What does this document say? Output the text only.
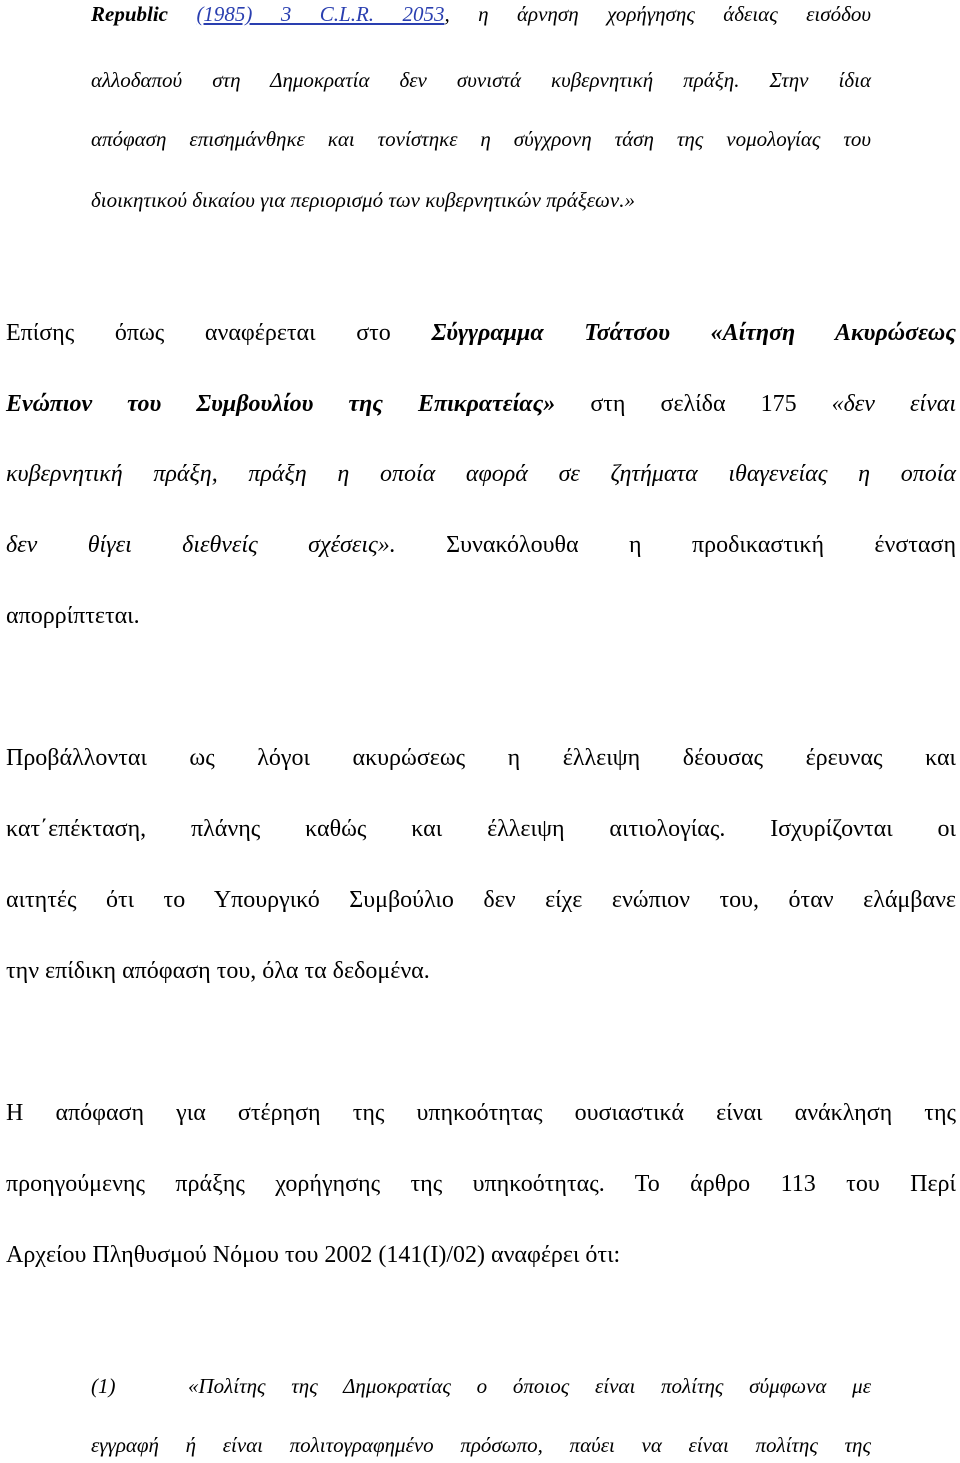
Republic (1985) 3 C.L.R. 2053, η άρνηση χορήγησης άδειας εισόδου
αλλοδαπού στη Δημοκρατία δεν συνιστά κυβερνητική πράξη. Στην ίδια
απόφαση επισημάνθηκε και τονίστηκε η σύγχρονη τάση της νομολογίας του
διοικητικού δικαίου για περιορισμό των κυβερνητικών πράξεων.»
Επίσης όπως αναφέρεται στο Σύγγραμμα Τσάτσου «Αίτηση Ακυρώσεως
Ενώπιον του Συμβουλίου της Επικρατείας» στη σελίδα 175 «δεν είναι
κυβερνητική πράξη, πράξη η οποία αφορά σε ζητήματα ιθαγενείας η οποία
δεν θίγει διεθνείς σχέσεις». Συνακόλουθα η προδικαστική ένσταση
απορρίπτεται.
Προβάλλονται ως λόγοι ακυρώσεως η έλλειψη δέουσας έρευνας και
κατ΄επέκταση, πλάνης καθώς και έλλειψη αιτιολογίας. Ισχυρίζονται οι
αιτητές ότι το Υπουργικό Συμβούλιο δεν είχε ενώπιον του, όταν ελάμβανε
την επίδικη απόφαση του, όλα τα δεδομένα.
Η απόφαση για στέρηση της υπηκοότητας ουσιαστικά είναι ανάκληση της
προηγούμενης πράξης χορήγησης της υπηκοότητας. Το άρθρο 113 του Περί
Αρχείου Πληθυσμού Νόμου του 2002 (141(Ι)/02) αναφέρει ότι:
(1)	«Πολίτης της Δημοκρατίας ο όποιος είναι πολίτης σύμφωνα με
εγγραφή ή είναι πολιτογραφημένο πρόσωπο, παύει να είναι πολίτης της
